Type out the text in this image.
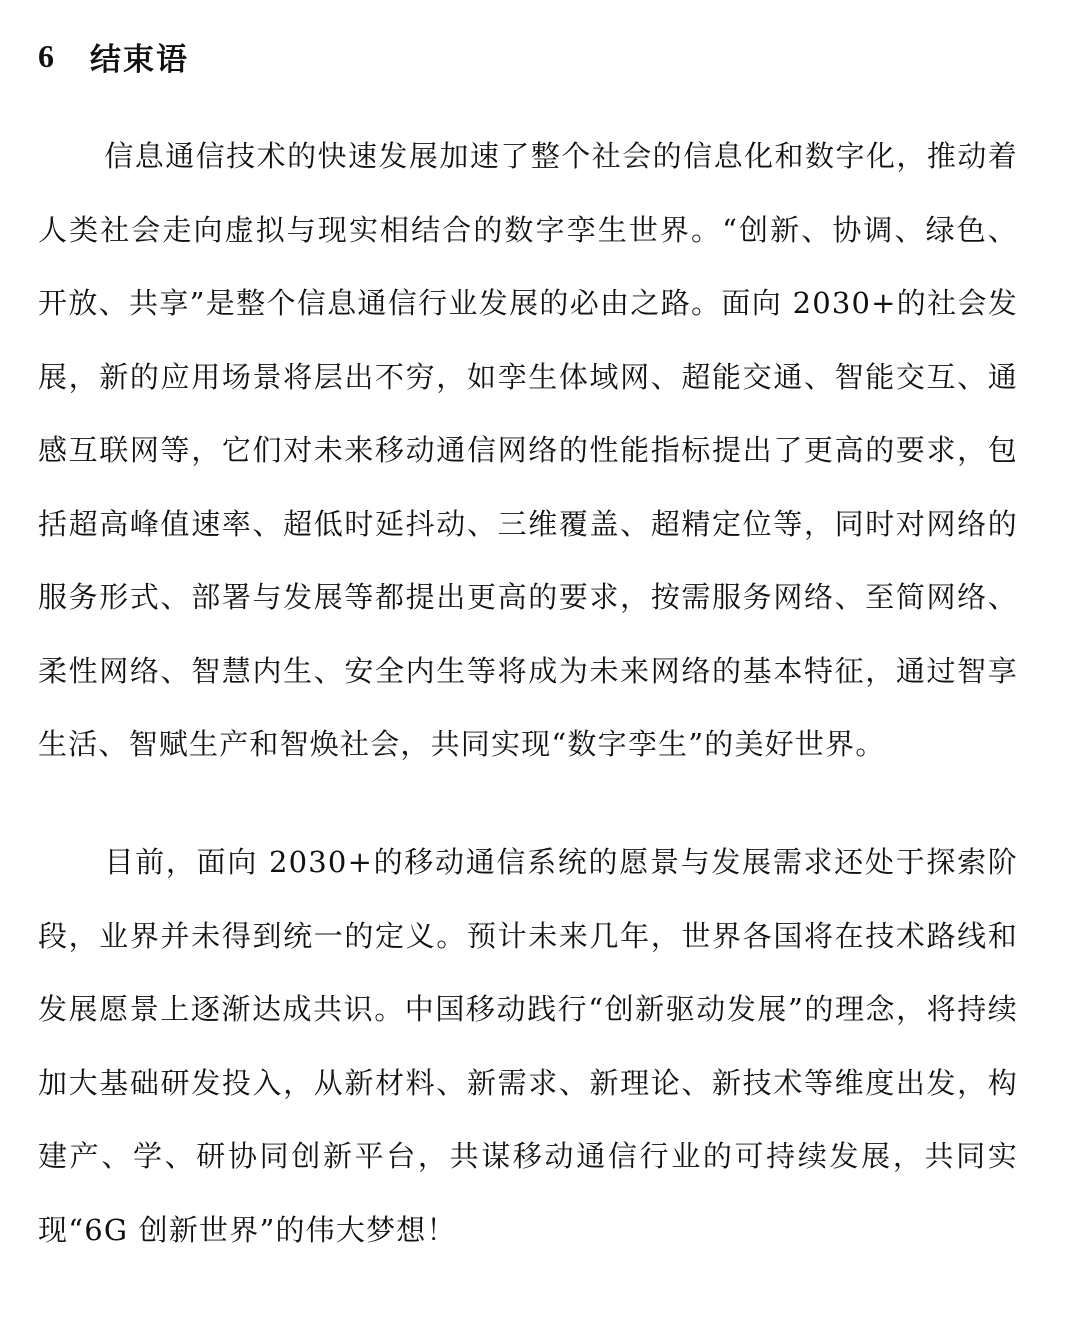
6	结束语

信息通信技术的快速发展加速了整个社会的信息化和数字化，推动着人类社会走向虚拟与现实相结合的数字孪生世界。“创新、协调、绿色、开放、共享”是整个信息通信行业发展的必由之路。面向 2030+的社会发展，新的应用场景将层出不穷，如孪生体域网、超能交通、智能交互、通感互联网等，它们对未来移动通信网络的性能指标提出了更高的要求，包括超高峰值速率、超低时延抖动、三维覆盖、超精定位等，同时对网络的服务形式、部署与发展等都提出更高的要求，按需服务网络、至简网络、柔性网络、智慧内生、安全内生等将成为未来网络的基本特征，通过智享生活、智赋生产和智焕社会，共同实现“数字孪生”的美好世界。

目前，面向 2030+的移动通信系统的愿景与发展需求还处于探索阶段，业界并未得到统一的定义。预计未来几年，世界各国将在技术路线和发展愿景上逐渐达成共识。中国移动践行“创新驱动发展”的理念，将持续加大基础研发投入，从新材料、新需求、新理论、新技术等维度出发，构建产、学、研协同创新平台，共谋移动通信行业的可持续发展，共同实现“6G 创新世界”的伟大梦想！
